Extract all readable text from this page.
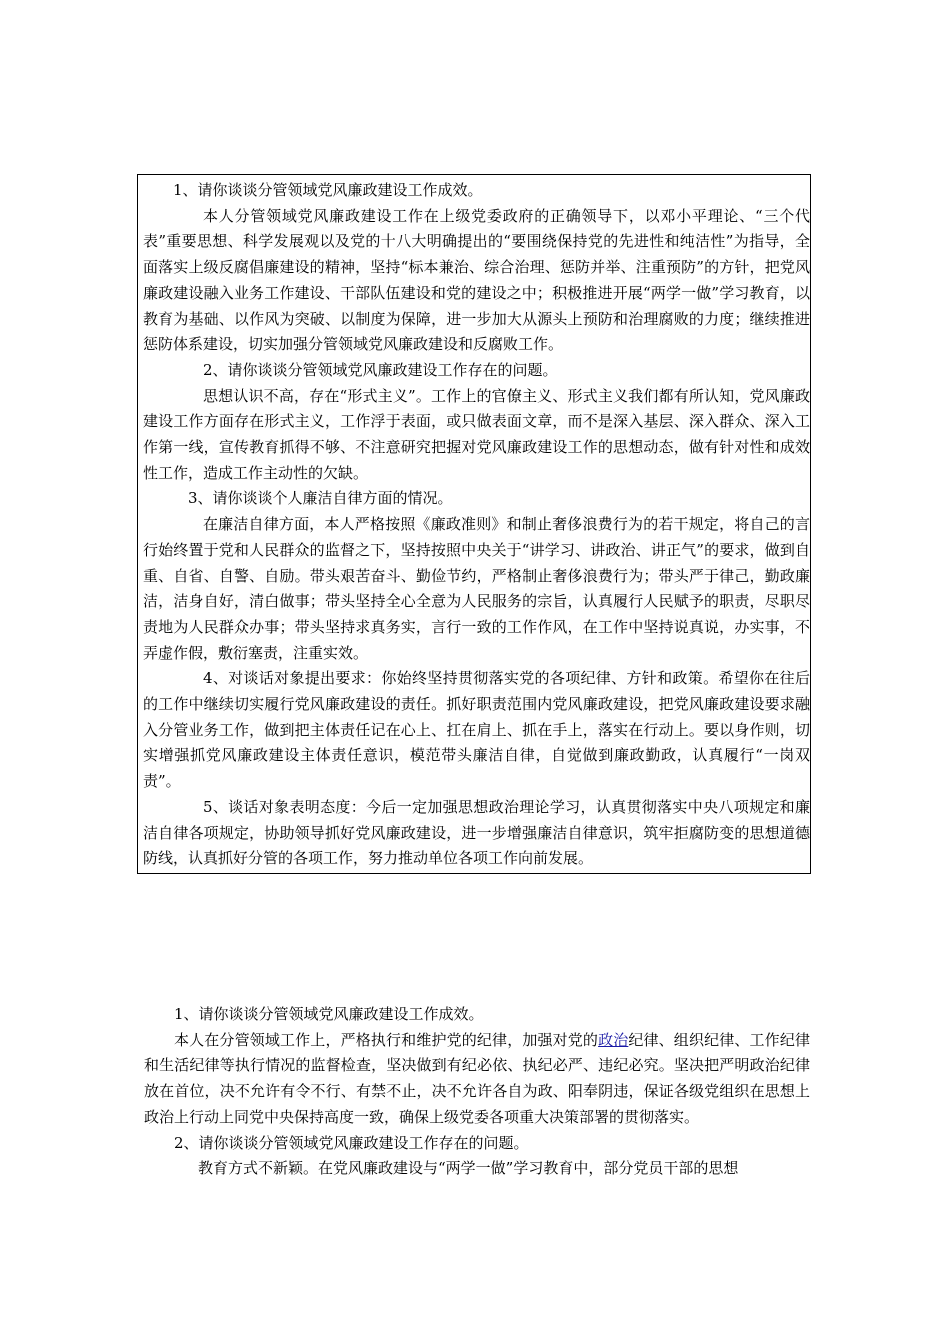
1、请你谈谈分管领域党风廉政建设工作成效。

本人分管领域党风廉政建设工作在上级党委政府的正确领导下，以邓小平理论、“三个代表”重要思想、科学发展观以及党的十八大明确提出的“要围绕保持党的先进性和纯洁性”为指导，全面落实上级反腐倡廉建设的精神，坚持“标本兼治、综合治理、惩防并举、注重预防”的方针，把党风廉政建设融入业务工作建设、干部队伍建设和党的建设之中；积极推进开展“两学一做”学习教育，以教育为基础、以作风为突破、以制度为保障，进一步加大从源头上预防和治理腐败的力度；继续推进惩防体系建设，切实加强分管领域党风廉政建设和反腐败工作。

2、请你谈谈分管领域党风廉政建设工作存在的问题。

思想认识不高，存在“形式主义”。工作上的官僚主义、形式主义我们都有所认知，党风廉政建设工作方面存在形式主义，工作浮于表面，或只做表面文章，而不是深入基层、深入群众、深入工作第一线，宣传教育抓得不够、不注意研究把握对党风廉政建设工作的思想动态，做有针对性和成效性工作，造成工作主动性的欠缺。

3、请你谈谈个人廉洁自律方面的情况。

在廉洁自律方面，本人严格按照《廉政准则》和制止奢侈浪费行为的若干规定，将自己的言行始终置于党和人民群众的监督之下，坚持按照中央关于“讲学习、讲政治、讲正气”的要求，做到自重、自省、自警、自励。带头艰苦奋斗、勤俭节约，严格制止奢侈浪费行为；带头严于律己，勤政廉洁，洁身自好，清白做事；带头坚持全心全意为人民服务的宗旨，认真履行人民赋予的职责，尽职尽责地为人民群众办事；带头坚持求真务实，言行一致的工作作风，在工作中坚持说真说，办实事，不弄虚作假，敷衍塞责，注重实效。

4、对谈话对象提出要求：你始终坚持贯彻落实党的各项纪律、方针和政策。希望你在往后的工作中继续切实履行党风廉政建设的责任。抓好职责范围内党风廉政建设，把党风廉政建设要求融入分管业务工作，做到把主体责任记在心上、扛在肩上、抓在手上，落实在行动上。要以身作则，切实增强抓党风廉政建设主体责任意识，模范带头廉洁自律，自觉做到廉政勤政，认真履行“一岗双责”。

5、谈话对象表明态度：今后一定加强思想政治理论学习，认真贯彻落实中央八项规定和廉洁自律各项规定，协助领导抓好党风廉政建设，进一步增强廉洁自律意识，筑牢拒腐防变的思想道德防线，认真抓好分管的各项工作，努力推动单位各项工作向前发展。

1、请你谈谈分管领域党风廉政建设工作成效。

本人在分管领域工作上，严格执行和维护党的纪律，加强对党的政治纪律、组织纪律、工作纪律和生活纪律等执行情况的监督检查，坚决做到有纪必依、执纪必严、违纪必究。坚决把严明政治纪律放在首位，决不允许有令不行、有禁不止，决不允许各自为政、阳奉阴违，保证各级党组织在思想上政治上行动上同党中央保持高度一致，确保上级党委各项重大决策部署的贯彻落实。

2、请你谈谈分管领域党风廉政建设工作存在的问题。

教育方式不新颖。在党风廉政建设与“两学一做”学习教育中，部分党员干部的思想
